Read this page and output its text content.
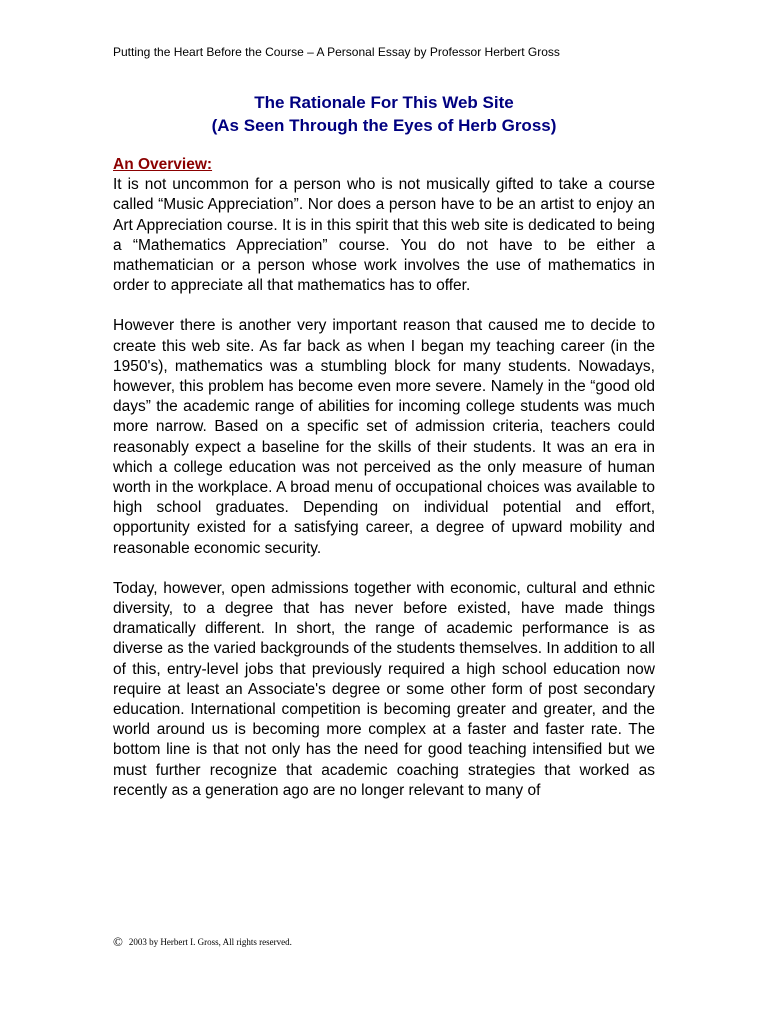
Putting the Heart Before the Course – A Personal Essay by Professor Herbert Gross
The Rationale For This Web Site
(As Seen Through the Eyes of Herb Gross)

An Overview:

It is not uncommon for a person who is not musically gifted to take a course called “Music Appreciation”. Nor does a person have to be an artist to enjoy an Art Appreciation course. It is in this spirit that this web site is dedicated to being a “Mathematics Appreciation” course. You do not have to be either a mathematician or a person whose work involves the use of mathematics in order to appreciate all that mathematics has to offer.

However there is another very important reason that caused me to decide to create this web site. As far back as when I began my teaching career (in the 1950's), mathematics was a stumbling block for many students. Nowadays, however, this problem has become even more severe. Namely in the “good old days” the academic range of abilities for incoming college students was much more narrow. Based on a specific set of admission criteria, teachers could reasonably expect a baseline for the skills of their students. It was an era in which a college education was not perceived as the only measure of human worth in the workplace. A broad menu of occupational choices was available to high school graduates. Depending on individual potential and effort, opportunity existed for a satisfying career, a degree of upward mobility and reasonable economic security.

Today, however, open admissions together with economic, cultural and ethnic diversity, to a degree that has never before existed, have made things dramatically different. In short, the range of academic performance is as diverse as the varied backgrounds of the students themselves. In addition to all of this, entry-level jobs that previously required a high school education now require at least an Associate's degree or some other form of post secondary education. International competition is becoming greater and greater, and the world around us is becoming more complex at a faster and faster rate. The bottom line is that not only has the need for good teaching intensified but we must further recognize that academic coaching strategies that worked as recently as a generation ago are no longer relevant to many of

© 2003 by Herbert I. Gross, All rights reserved.
